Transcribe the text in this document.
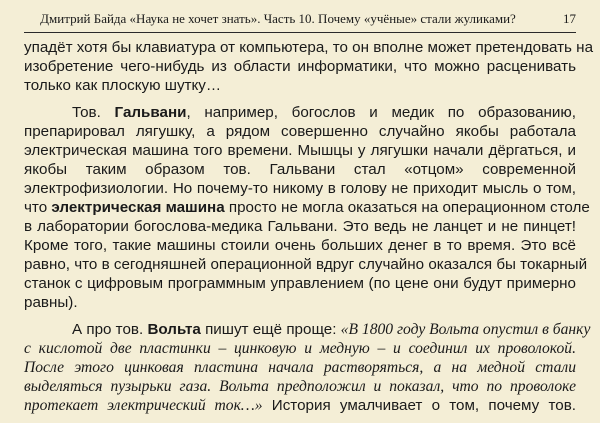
Дмитрий Байда «Наука не хочет знать». Часть 10. Почему «учёные» стали жуликами?	17
упадёт хотя бы клавиатура от компьютера, то он вполне может претендовать на
изобретение чего-нибудь из области информатики, что можно расценивать
только как плоскую шутку…
Тов. Гальвани, например, богослов и медик по образованию,
препарировал лягушку, а рядом совершенно случайно якобы работала
электрическая машина того времени. Мышцы у лягушки начали дёргаться, и
якобы таким образом тов. Гальвани стал «отцом» современной
электрофизиологии. Но почему-то никому в голову не приходит мысль о том,
что электрическая машина просто не могла оказаться на операционном столе
в лаборатории богослова-медика Гальвани. Это ведь не ланцет и не пинцет!
Кроме того, такие машины стоили очень больших денег в то время. Это всё
равно, что в сегодняшней операционной вдруг случайно оказался бы токарный
станок с цифровым программным управлением (по цене они будут примерно
равны).
А про тов. Вольта пишут ещё проще: «В 1800 году Вольта опустил в банку
с кислотой две пластинки – цинковую и медную – и соединил их проволокой.
После этого цинковая пластина начала растворяться, а на медной стали
выделяться пузырьки газа. Вольта предположил и показал, что по проволоке
протекает электрический ток…» История умалчивает о том, почему тов.
